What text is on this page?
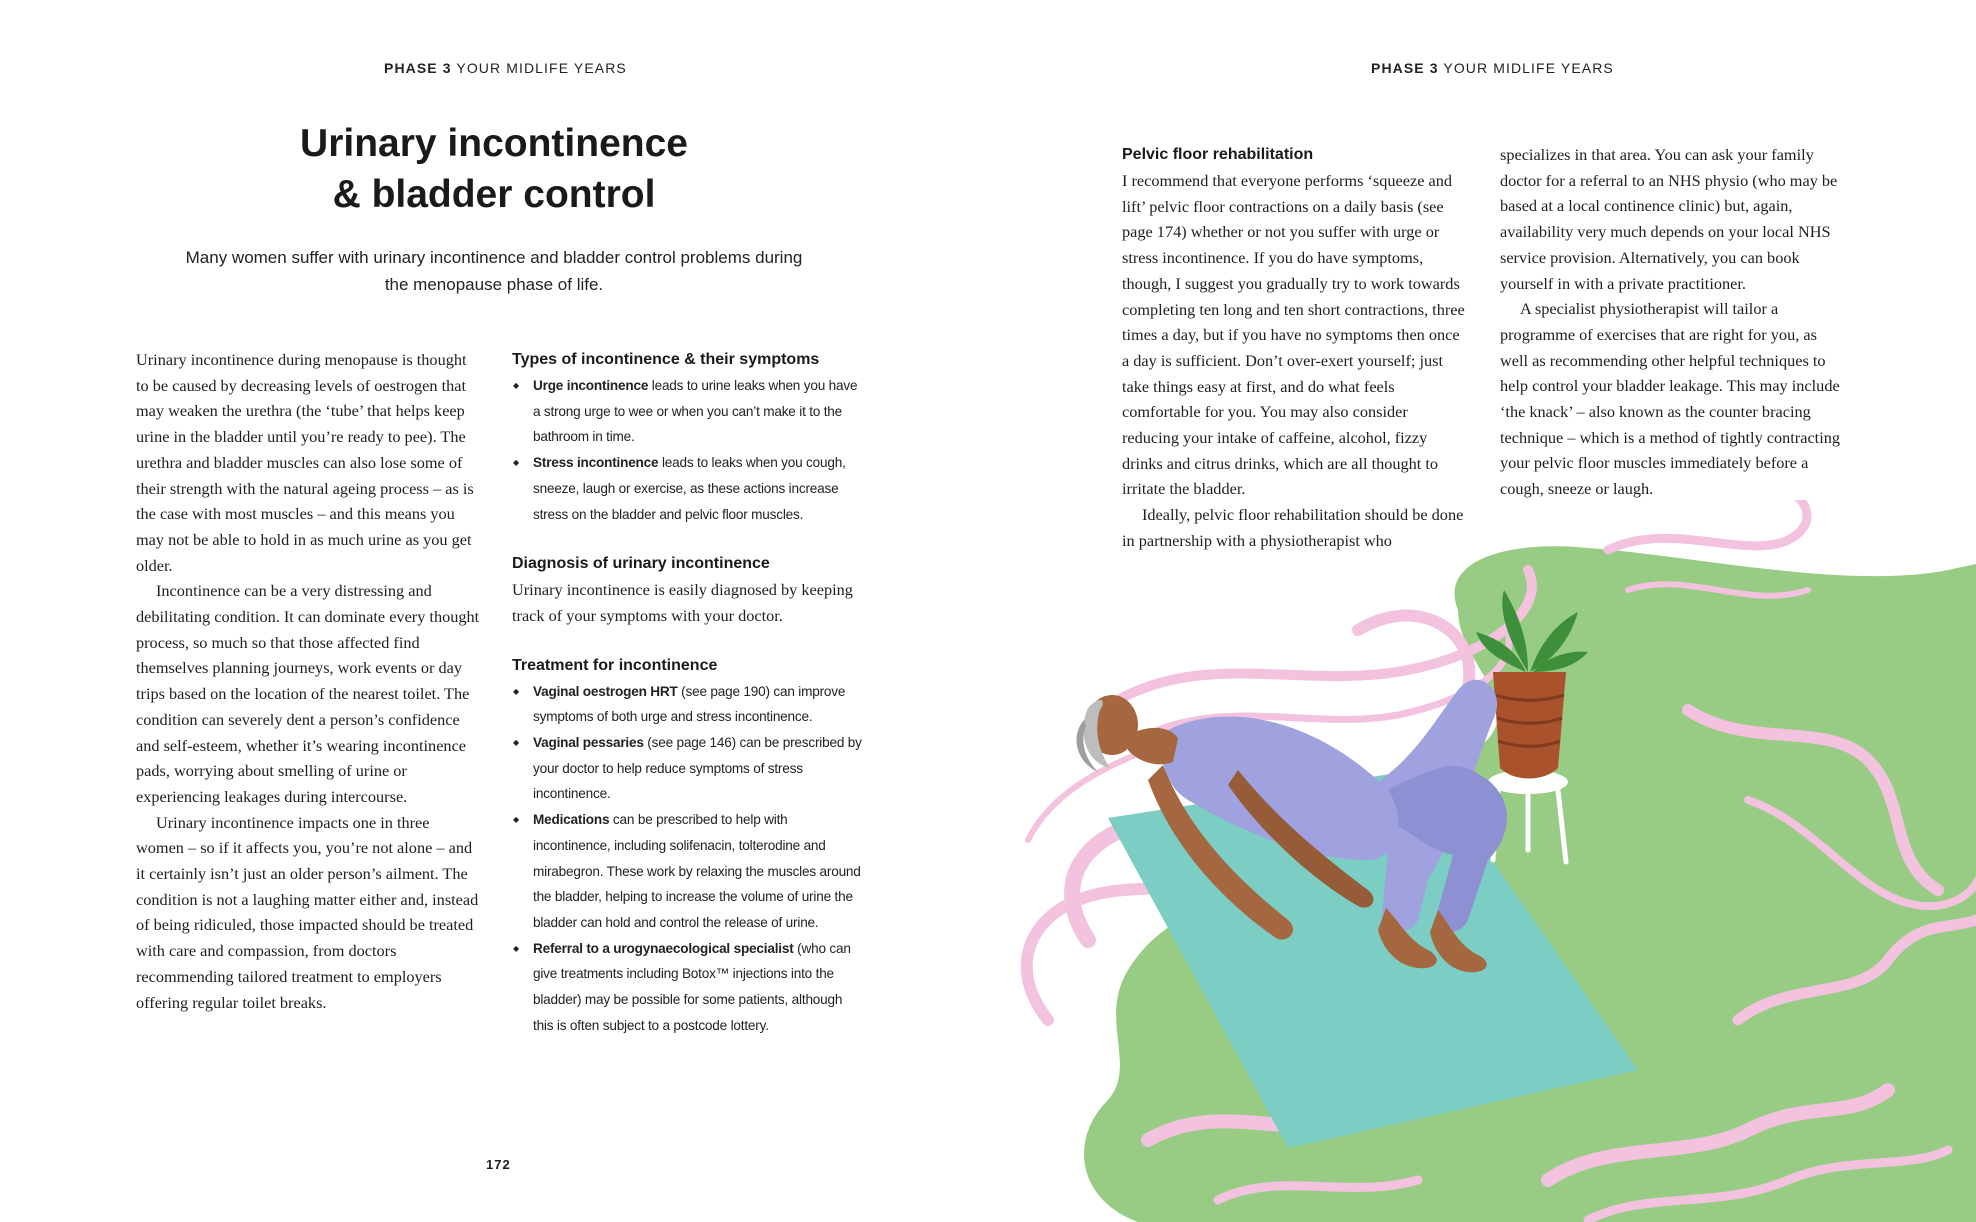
PHASE 3 YOUR MIDLIFE YEARS
Urinary incontinence
& bladder control

Many women suffer with urinary incontinence and bladder control problems during
the menopause phase of life.

Urinary incontinence during menopause is thought to be caused by decreasing levels of oestrogen that may weaken the urethra (the ‘tube’ that helps keep urine in the bladder until you’re ready to pee). The urethra and bladder muscles can also lose some of their strength with the natural ageing process – as is the case with most muscles – and this means you may not be able to hold in as much urine as you get older.

Incontinence can be a very distressing and debilitating condition. It can dominate every thought process, so much so that those affected find themselves planning journeys, work events or day trips based on the location of the nearest toilet. The condition can severely dent a person’s confidence and self-esteem, whether it’s wearing incontinence pads, worrying about smelling of urine or experiencing leakages during intercourse.

Urinary incontinence impacts one in three women – so if it affects you, you’re not alone – and it certainly isn’t just an older person’s ailment. The condition is not a laughing matter either and, instead of being ridiculed, those impacted should be treated with care and compassion, from doctors recommending tailored treatment to employers offering regular toilet breaks.

Types of incontinence & their symptoms
◆ Urge incontinence leads to urine leaks when you have a strong urge to wee or when you can’t make it to the bathroom in time.
◆ Stress incontinence leads to leaks when you cough, sneeze, laugh or exercise, as these actions increase stress on the bladder and pelvic floor muscles.
Diagnosis of urinary incontinence

Urinary incontinence is easily diagnosed by keeping track of your symptoms with your doctor.

Treatment for incontinence
◆ Vaginal oestrogen HRT (see page 190) can improve symptoms of both urge and stress incontinence.
◆ Vaginal pessaries (see page 146) can be prescribed by your doctor to help reduce symptoms of stress incontinence.
◆ Medications can be prescribed to help with incontinence, including solifenacin, tolterodine and mirabegron. These work by relaxing the muscles around the bladder, helping to increase the volume of urine the bladder can hold and control the release of urine.
◆ Referral to a urogynaecological specialist (who can give treatments including Botox™ injections into the bladder) may be possible for some patients, although this is often subject to a postcode lottery.
172
PHASE 3 YOUR MIDLIFE YEARS
Pelvic floor rehabilitation

I recommend that everyone performs ‘squeeze and lift’ pelvic floor contractions on a daily basis (see page 174) whether or not you suffer with urge or stress incontinence. If you do have symptoms, though, I suggest you gradually try to work towards completing ten long and ten short contractions, three times a day, but if you have no symptoms then once a day is sufficient. Don’t over-exert yourself; just take things easy at first, and do what feels comfortable for you. You may also consider reducing your intake of caffeine, alcohol, fizzy drinks and citrus drinks, which are all thought to irritate the bladder.

Ideally, pelvic floor rehabilitation should be done in partnership with a physiotherapist who

specializes in that area. You can ask your family doctor for a referral to an NHS physio (who may be based at a local continence clinic) but, again, availability very much depends on your local NHS service provision. Alternatively, you can book yourself in with a private practitioner.

A specialist physiotherapist will tailor a programme of exercises that are right for you, as well as recommending other helpful techniques to help control your bladder leakage. This may include ‘the knack’ – also known as the counter bracing technique – which is a method of tightly contracting your pelvic floor muscles immediately before a cough, sneeze or laugh.
